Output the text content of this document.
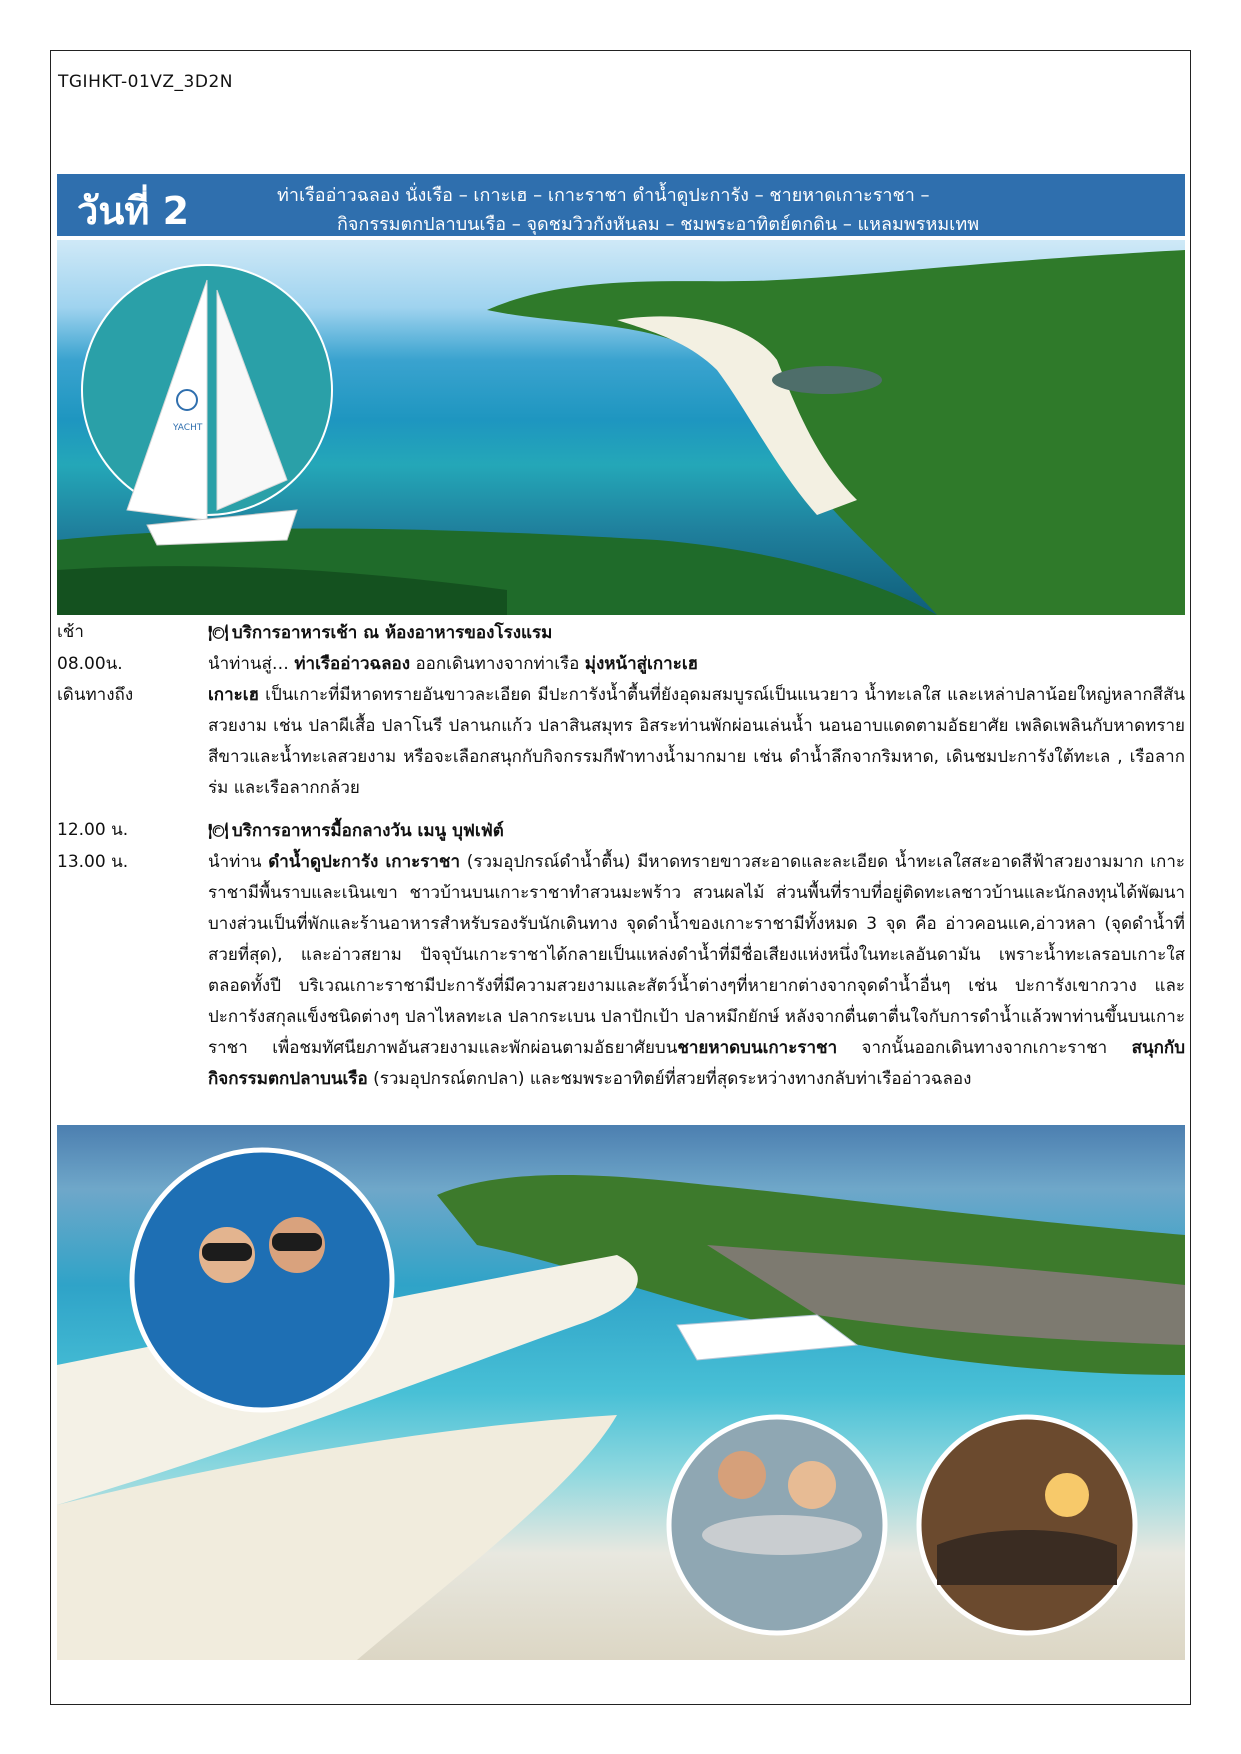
TGIHKT-01VZ_3D2N
วันที่ 2	ท่าเรืออ่าวฉลอง นั่งเรือ – เกาะเฮ – เกาะราชา ดำน้ำดูปะการัง – ชายหาดเกาะราชา –
กิจกรรมตกปลาบนเรือ – จุดชมวิวกังหันลม – ชมพระอาทิตย์ตกดิน – แหลมพรหมเทพ
YACHT
เช้า	🍽 บริการอาหารเช้า ณ ห้องอาหารของโรงแรม
08.00น.	นำท่านสู่… ท่าเรืออ่าวฉลอง ออกเดินทางจากท่าเรือ มุ่งหน้าสู่เกาะเฮ
เดินทางถึง	เกาะเฮ เป็นเกาะที่มีหาดทรายอันขาวละเอียด มีปะการังน้ำตื้นที่ยังอุดมสมบูรณ์เป็นแนวยาว น้ำทะเลใส และเหล่าปลาน้อยใหญ่หลากสีสันสวยงาม เช่น ปลาผีเสื้อ ปลาโนรี ปลานกแก้ว ปลาสินสมุทร อิสระท่านพักผ่อนเล่นน้ำ นอนอาบแดดตามอัธยาศัย เพลิดเพลินกับหาดทรายสีขาวและน้ำทะเลสวยงาม หรือจะเลือกสนุกกับกิจกรรมกีฬาทางน้ำมากมาย เช่น ดำน้ำลึกจากริมหาด, เดินชมปะการังใต้ทะเล , เรือลากร่ม และเรือลากกล้วย
12.00 น.	🍽 บริการอาหารมื้อกลางวัน เมนู บุฟเฟ่ต์
13.00 น.	นำท่าน ดำน้ำดูปะการัง เกาะราชา (รวมอุปกรณ์ดำน้ำตื้น) มีหาดทรายขาวสะอาดและละเอียด น้ำทะเลใสสะอาดสีฟ้าสวยงามมาก เกาะราชามีพื้นราบและเนินเขา ชาวบ้านบนเกาะราชาทำสวนมะพร้าว สวนผลไม้ ส่วนพื้นที่ราบที่อยู่ติดทะเลชาวบ้านและนักลงทุนได้พัฒนาบางส่วนเป็นที่พักและร้านอาหารสำหรับรองรับนักเดินทาง จุดดำน้ำของเกาะราชามีทั้งหมด 3 จุด คือ อ่าวคอนแค,อ่าวหลา (จุดดำน้ำที่สวยที่สุด), และอ่าวสยาม ปัจจุบันเกาะราชาได้กลายเป็นแหล่งดำน้ำที่มีชื่อเสียงแห่งหนึ่งในทะเลอันดามัน เพราะน้ำทะเลรอบเกาะใสตลอดทั้งปี บริเวณเกาะราชามีปะการังที่มีความสวยงามและสัตว์น้ำต่างๆที่หายากต่างจากจุดดำน้ำอื่นๆ เช่น ปะการังเขากวาง และปะการังสกุลแข็งชนิดต่างๆ ปลาไหลทะเล ปลากระเบน ปลาปักเป้า ปลาหมึกยักษ์ หลังจากตื่นตาตื่นใจกับการดำน้ำแล้วพาท่านขึ้นบนเกาะราชา เพื่อชมทัศนียภาพอันสวยงามและพักผ่อนตามอัธยาศัยบนชายหาดบนเกาะราชา จากนั้นออกเดินทางจากเกาะราชา สนุกกับกิจกรรมตกปลาบนเรือ (รวมอุปกรณ์ตกปลา) และชมพระอาทิตย์ที่สวยที่สุดระหว่างทางกลับท่าเรืออ่าวฉลอง
